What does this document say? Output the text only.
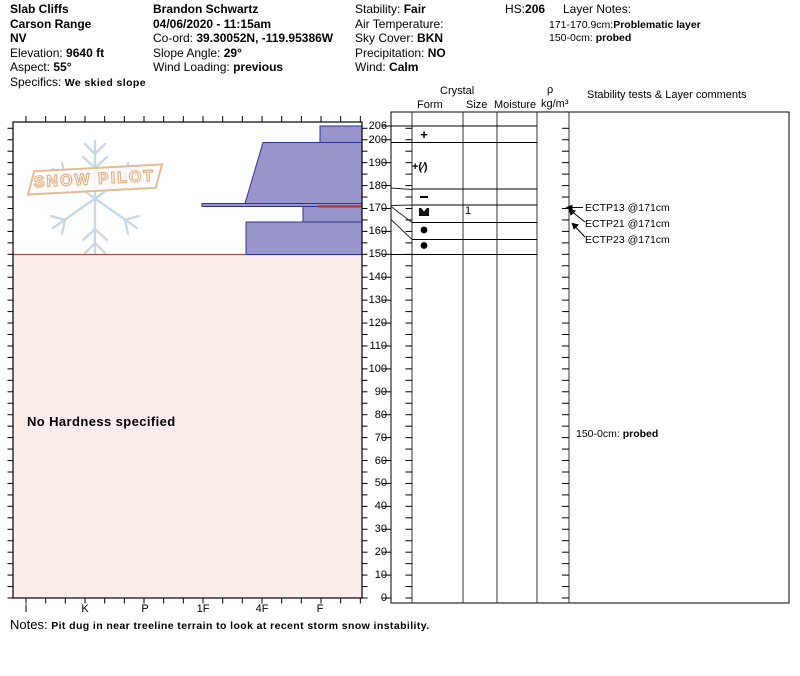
Slab Cliffs
Carson Range
NV
Elevation: 9640 ft
Aspect: 55°
Specifics: We skied slope
Brandon Schwartz
04/06/2020 - 11:15am
Co-ord: 39.30052N, -119.95386W
Slope Angle: 29°
Wind Loading: previous
Stability: Fair
Air Temperature:
Sky Cover: BKN
Precipitation: NO
Wind: Calm
HS:206 Layer Notes:
171-170.9cm:Problematic layer
150-0cm: probed
Crystal
Form Size Moisture
ρ
kg/m³
Stability tests & Layer comments
SNOW PILOT
No Hardness specified
150-0cm: probed
I	K	P	1F	4F	F
206
200
190
180
170
160
150
140
130
120
110
100
90
80
70
60
50
40
30
20
10
0
+
+(∕)
1	ECTP13 @171cm
ECTP21 @171cm
ECTP23 @171cm
Notes: Pit dug in near treeline terrain to look at recent storm snow instability.
